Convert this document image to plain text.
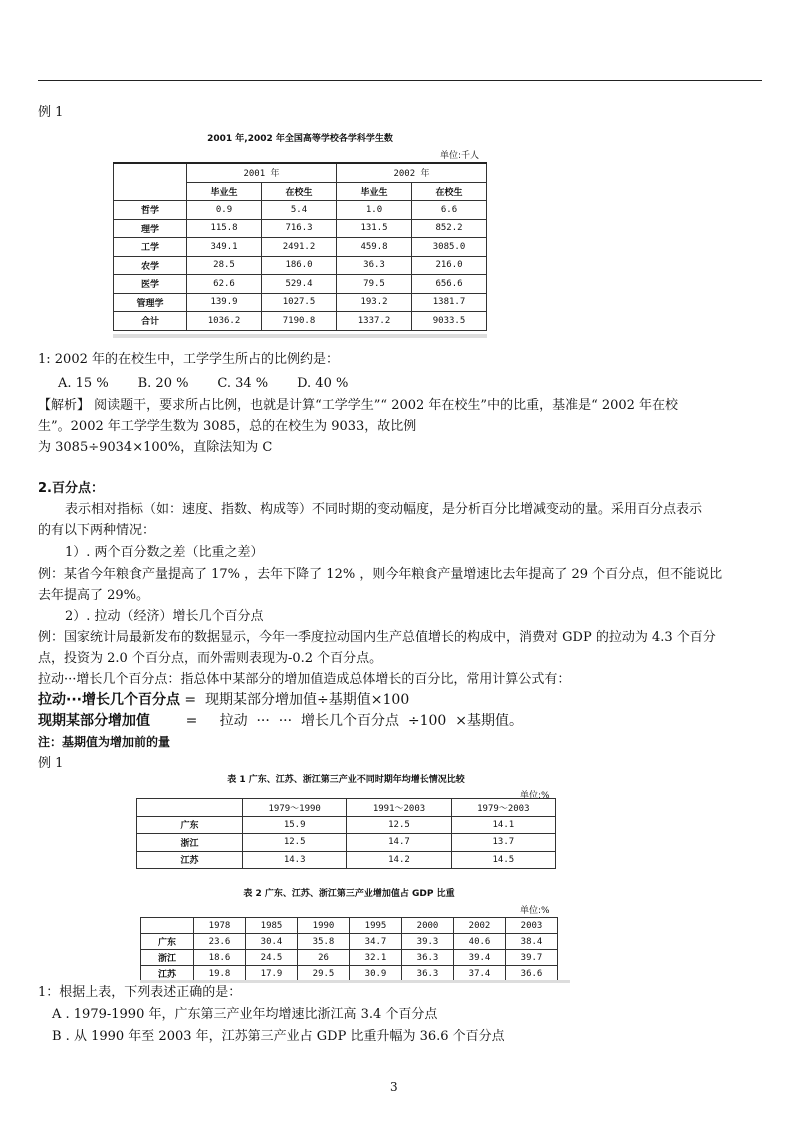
例 1
2001 年,2002 年全国高等学校各学科学生数
单位:千人
	2001 年		2002 年	
	毕业生	在校生	毕业生	在校生
哲学	0.9	5.4	1.0	6.6
理学	115.8	716.3	131.5	852.2
工学	349.1	2491.2	459.8	3085.0
农学	28.5	186.0	36.3	216.0
医学	62.6	529.4	79.5	656.6
管理学	139.9	1027.5	193.2	1381.7
合计	1036.2	7190.8	1337.2	9033.5
1: 2002 年的在校生中，工学学生所占的比例约是：
A. 15 %       B. 20 %       C. 34 %       D. 40 %
【解析】 阅读题干，要求所占比例，也就是计算“工学学生”“ 2002 年在校生”中的比重，基准是“ 2002 年在校
生”。2002 年工学学生数为 3085，总的在校生为 9033，故比例
为 3085÷9034×100%，直除法知为 C
2.百分点：
表示相对指标（如：速度、指数、构成等）不同时期的变动幅度，是分析百分比增减变动的量。采用百分点表示
的有以下两种情况：
1）. 两个百分数之差（比重之差）
例：某省今年粮食产量提高了 17% ，去年下降了 12% ，则今年粮食产量增速比去年提高了 29 个百分点，但不能说比
去年提高了 29%。
2）. 拉动（经济）增长几个百分点
例：国家统计局最新发布的数据显示，今年一季度拉动国内生产总值增长的构成中，消费对 GDP 的拉动为 4.3 个百分
点，投资为 2.0 个百分点，而外需则表现为-0.2 个百分点。
拉动···增长几个百分点：指总体中某部分的增加值造成总体增长的百分比，常用计算公式有：
拉动···增长几个百分点 =  现期某部分增加值÷基期值×100
现期某部分增加值        =     拉动  ···  ···  增长几个百分点  ÷100  ×基期值。
注：基期值为增加前的量
例 1
表 1 广东、江苏、浙江第三产业不同时期年均增长情况比较
单位:%
	1979～1990	1991～2003	1979～2003
广东	15.9	12.5	14.1
浙江	12.5	14.7	13.7
江苏	14.3	14.2	14.5
表 2 广东、江苏、浙江第三产业增加值占 GDP 比重
单位:%
	1978	1985	1990	1995	2000	2002	2003
广东	23.6	30.4	35.8	34.7	39.3	40.6	38.4
浙江	18.6	24.5	26	32.1	36.3	39.4	39.7
江苏	19.8	17.9	29.5	30.9	36.3	37.4	36.6
1：根据上表，下列表述正确的是：
A . 1979-1990 年，广东第三产业年均增速比浙江高 3.4 个百分点
B . 从 1990 年至 2003 年，江苏第三产业占 GDP 比重升幅为 36.6 个百分点
3
